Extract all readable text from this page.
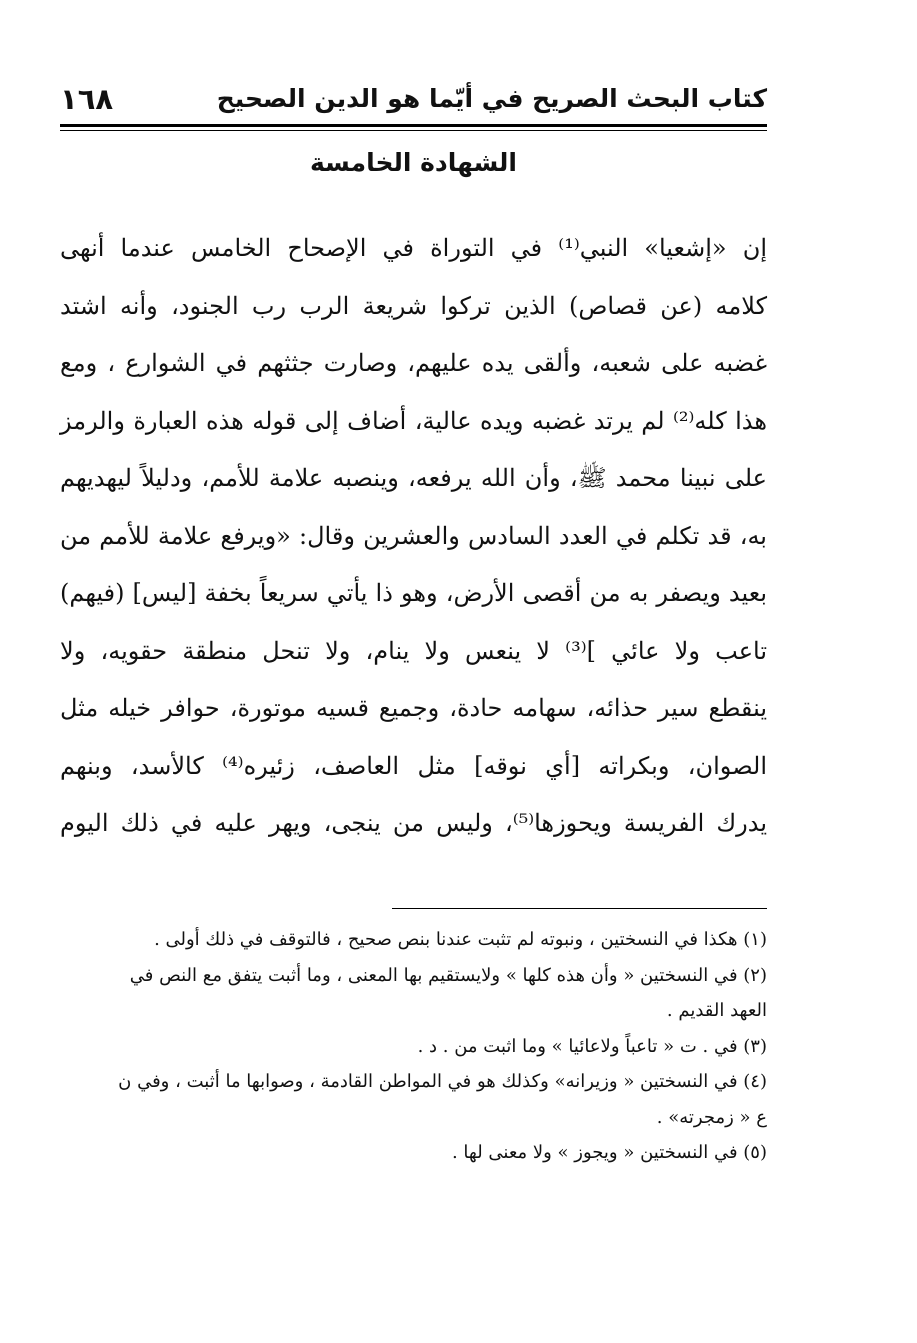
كتاب البحث الصريح في أيّما هو الدين الصحيح
١٦٨
الشهادة الخامسة
إن «إشعيا» النبي⁽¹⁾ في التوراة في الإصحاح الخامس عندما أنهى
كلامه (عن قصاص) الذين تركوا شريعة الرب رب الجنود، وأنه اشتد
غضبه على شعبه، وألقى يده عليهم، وصارت جثثهم في الشوارع ، ومع
هذا كله⁽²⁾ لم يرتد غضبه ويده عالية، أضاف إلى قوله هذه العبارة والرمز
على نبينا محمد ﷺ، وأن الله يرفعه، وينصبه علامة للأمم، ودليلاً ليهديهم
به، قد تكلم في العدد السادس والعشرين وقال: «ويرفع علامة للأمم من
بعيد ويصفر به من أقصى الأرض، وهو ذا يأتي سريعاً بخفة [ليس] (فيهم)
تاعب ولا عائي ]⁽³⁾ لا ينعس ولا ينام، ولا تنحل منطقة حقويه، ولا
ينقطع سير حذائه، سهامه حادة، وجميع قسيه موتورة، حوافر خيله مثل
الصوان، وبكراته [أي نوقه] مثل العاصف، زئيره⁽⁴⁾ كالأسد، وبنهم
يدرك الفريسة ويحوزها⁽⁵⁾، وليس من ينجى، ويهر عليه في ذلك اليوم
(١) هكذا في النسختين ، ونبوته لم تثبت عندنا بنص صحيح ، فالتوقف في ذلك أولى .
(٢) في النسختين « وأن هذه كلها » ولايستقيم بها المعنى ، وما أثبت يتفق مع النص في
العهد القديم .
(٣) في . ت « تاعباً ولاعائيا » وما اثبت من . د .
(٤) في النسختين « وزيرانه» وكذلك هو في المواطن القادمة ، وصوابها ما أثبت ، وفي ن
ع « زمجرته» .
(٥) في النسختين « ويجوز » ولا معنى لها .
